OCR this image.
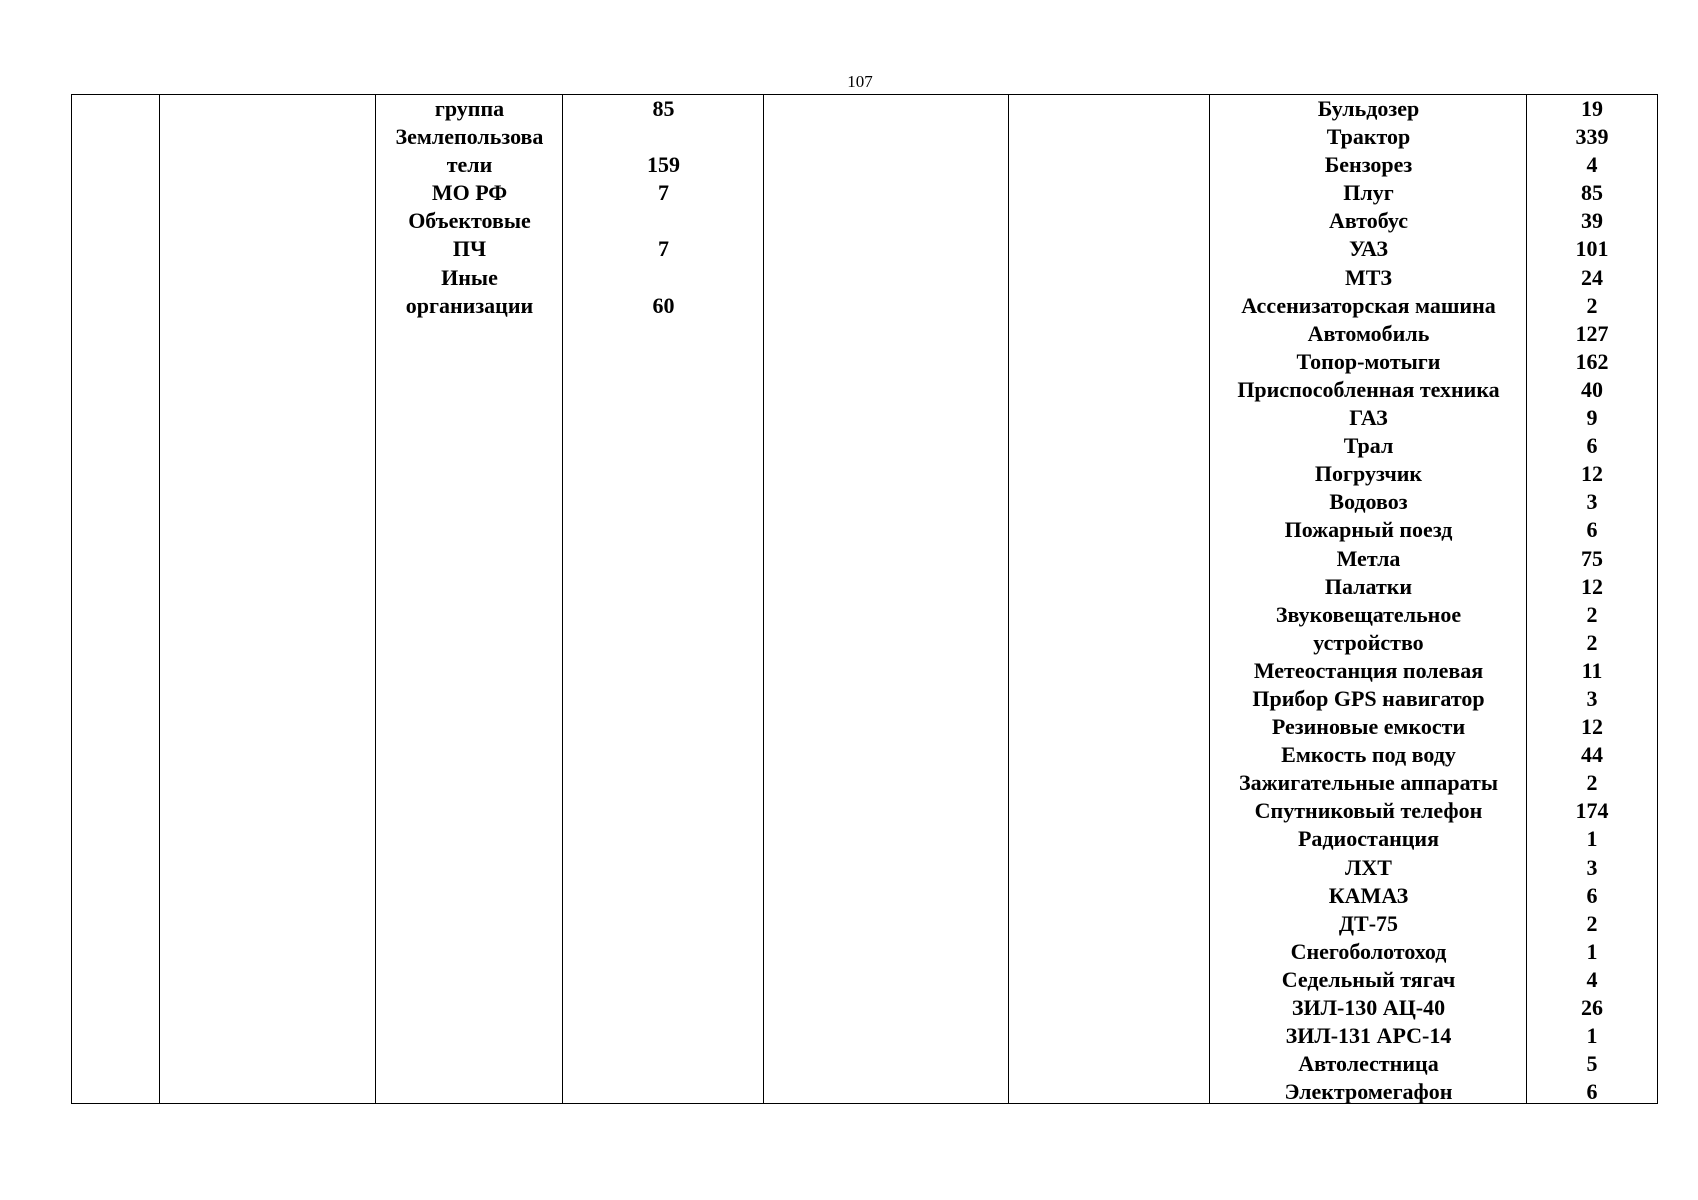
107
группа
Землепользова
тели
МО РФ
Объектовые
ПЧ
Иные
организации
85
159
7
7
60
Бульдозер
Трактор
Бензорез
Плуг
Автобус
УАЗ
МТЗ
Ассенизаторская машина
Автомобиль
Топор-мотыги
Приспособленная техника
ГАЗ
Трал
Погрузчик
Водовоз
Пожарный поезд
Метла
Палатки
Звуковещательное
устройство
Метеостанция полевая
Прибор GPS навигатор
Резиновые емкости
Емкость под воду
Зажигательные аппараты
Спутниковый телефон
Радиостанция
ЛХТ
КАМАЗ
ДТ-75
Снегоболотоход
Седельный тягач
ЗИЛ-130 АЦ-40
ЗИЛ-131 АРС-14
Автолестница
Электромегафон
19
339
4
85
39
101
24
2
127
162
40
9
6
12
3
6
75
12
2
2
11
3
12
44
2
174
1
3
6
2
1
4
26
1
5
6
